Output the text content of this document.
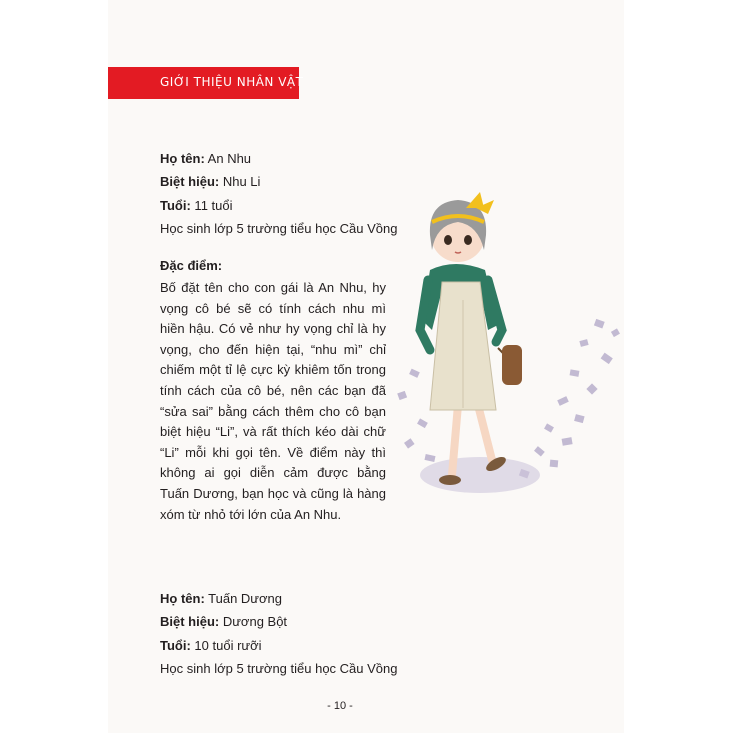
GIỚI THIỆU NHÂN VẬT
Họ tên: An Nhu
Biệt hiệu: Nhu Li
Tuổi: 11 tuổi
Học sinh lớp 5 trường tiểu học Cầu Vồng
Đặc điểm:
Bố đặt tên cho con gái là An Nhu, hy vọng cô bé sẽ có tính cách nhu mì hiền hậu. Có vẻ như hy vọng chỉ là hy vọng, cho đến hiện tại, “nhu mì” chỉ chiếm một tỉ lệ cực kỳ khiêm tốn trong tính cách của cô bé, nên các bạn đã “sửa sai” bằng cách thêm cho cô bạn biệt hiệu “Li”, và rất thích kéo dài chữ “Li” mỗi khi gọi tên. Về điểm này thì không ai gọi diễn cảm được bằng Tuấn Dương, bạn học và cũng là hàng xóm từ nhỏ tới lớn của An Nhu.
Họ tên: Tuấn Dương
Biệt hiệu: Dương Bột
Tuổi: 10 tuổi rưỡi
Học sinh lớp 5 trường tiểu học Cầu Vồng
- 10 -
